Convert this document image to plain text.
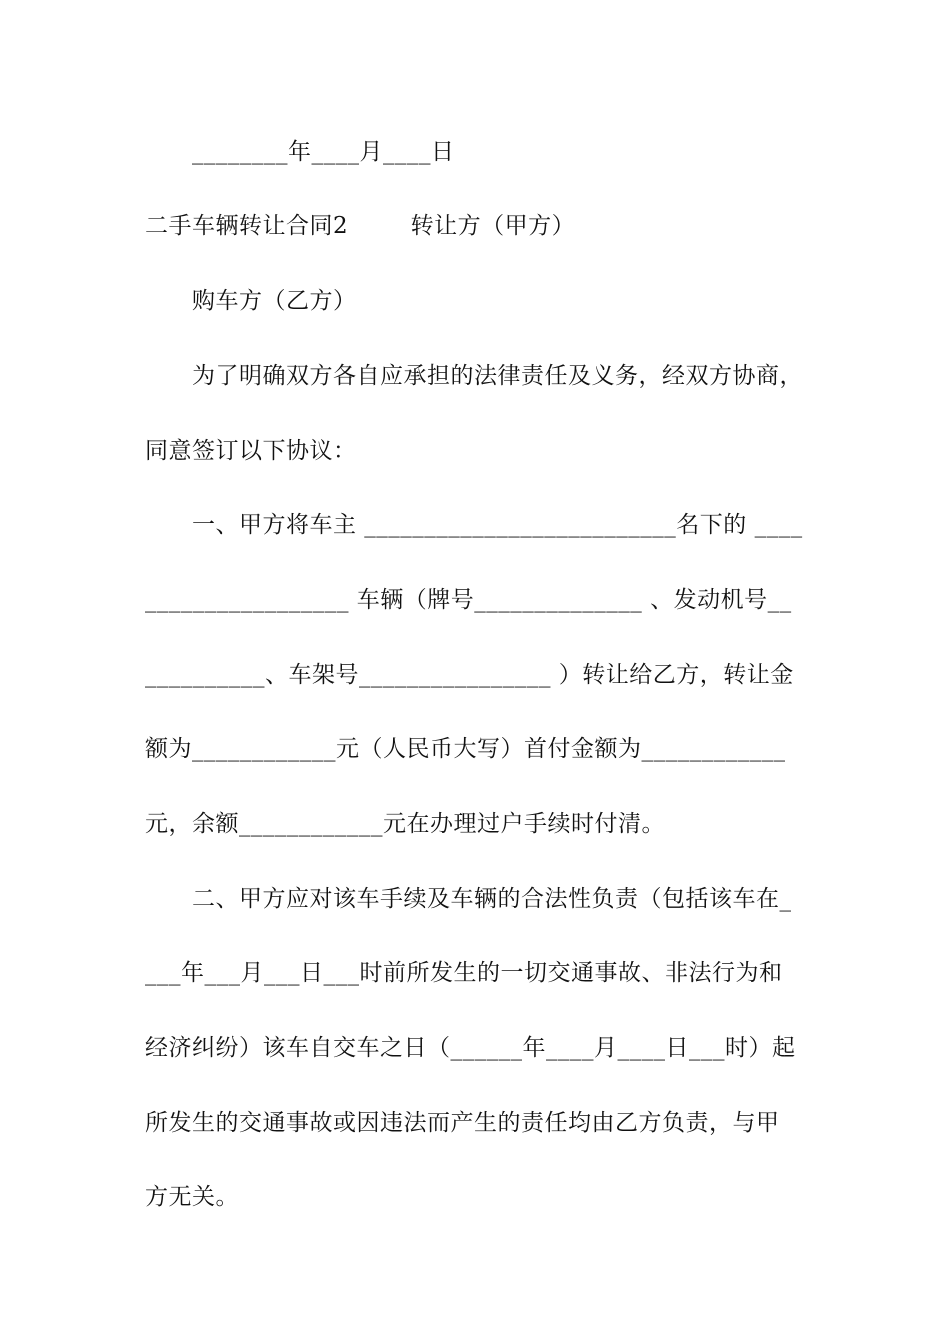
________年____月____日
二手车辆转让合同2	转让方（甲方）
购车方（乙方）
为了明确双方各自应承担的法律责任及义务，经双方协商，
同意签订以下协议：
一、甲方将车主 __________________________名下的 ____
_________________ 车辆（牌号______________ 、发动机号__
__________、车架号________________ ）转让给乙方，转让金
额为____________元（人民币大写）首付金额为____________
元，余额____________元在办理过户手续时付清。
二、甲方应对该车手续及车辆的合法性负责（包括该车在_
___年___月___日___时前所发生的一切交通事故、非法行为和
经济纠纷）该车自交车之日（______年____月____日___时）起
所发生的交通事故或因违法而产生的责任均由乙方负责，与甲
方无关。
